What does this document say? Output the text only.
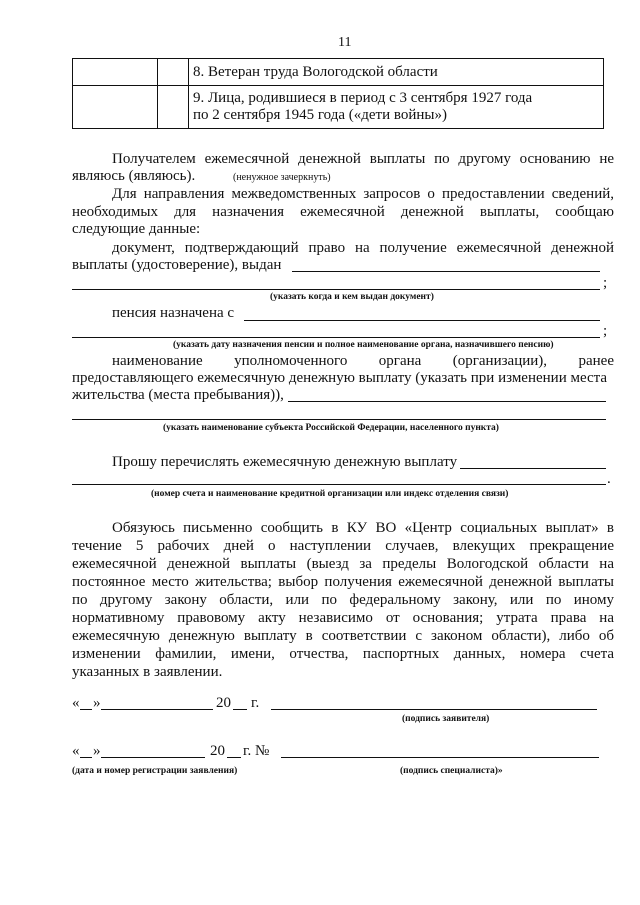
11
		8. Ветеран труда Вологодской области

		9. Лица, родившиеся в период с 3 сентября 1927 года
по 2 сентября 1945 года («дети войны»)
Получателем ежемесячной денежной выплаты по другому основанию не
являюсь (являюсь).	(ненужное зачеркнуть)
Для направления межведомственных запросов о предоставлении сведений,
необходимых для назначения ежемесячной денежной выплаты, сообщаю
следующие данные:
документ, подтверждающий право на получение ежемесячной денежной
выплаты (удостоверение), выдан
;
(указать когда и кем выдан документ)
пенсия назначена с
;
(указать дату назначения пенсии и полное наименование органа, назначившего пенсию)
наименование уполномоченного органа (организации), ранее
предоставляющего ежемесячную денежную выплату (указать при изменении места
жительства (места пребывания)),
(указать наименование субъекта Российской Федерации, населенного пункта)
Прошу перечислять ежемесячную денежную выплату
.
(номер счета и наименование кредитной организации или индекс отделения связи)
Обязуюсь письменно сообщить в КУ ВО «Центр социальных выплат» в
течение 5 рабочих дней о наступлении случаев, влекущих прекращение
ежемесячной денежной выплаты (выезд за пределы Вологодской области на
постоянное место жительства; выбор получения ежемесячной денежной выплаты
по другому закону области, или по федеральному закону, или по иному
нормативному правовому акту независимо от основания; утрата права на
ежемесячную денежную выплату в соответствии с законом области), либо об
изменении фамилии, имени, отчества, паспортных данных, номера счета
указанных в заявлении.
« »	20 г.
(подпись заявителя)
« »	20 г. №
(дата и номер регистрации заявления)	(подпись специалиста)»
